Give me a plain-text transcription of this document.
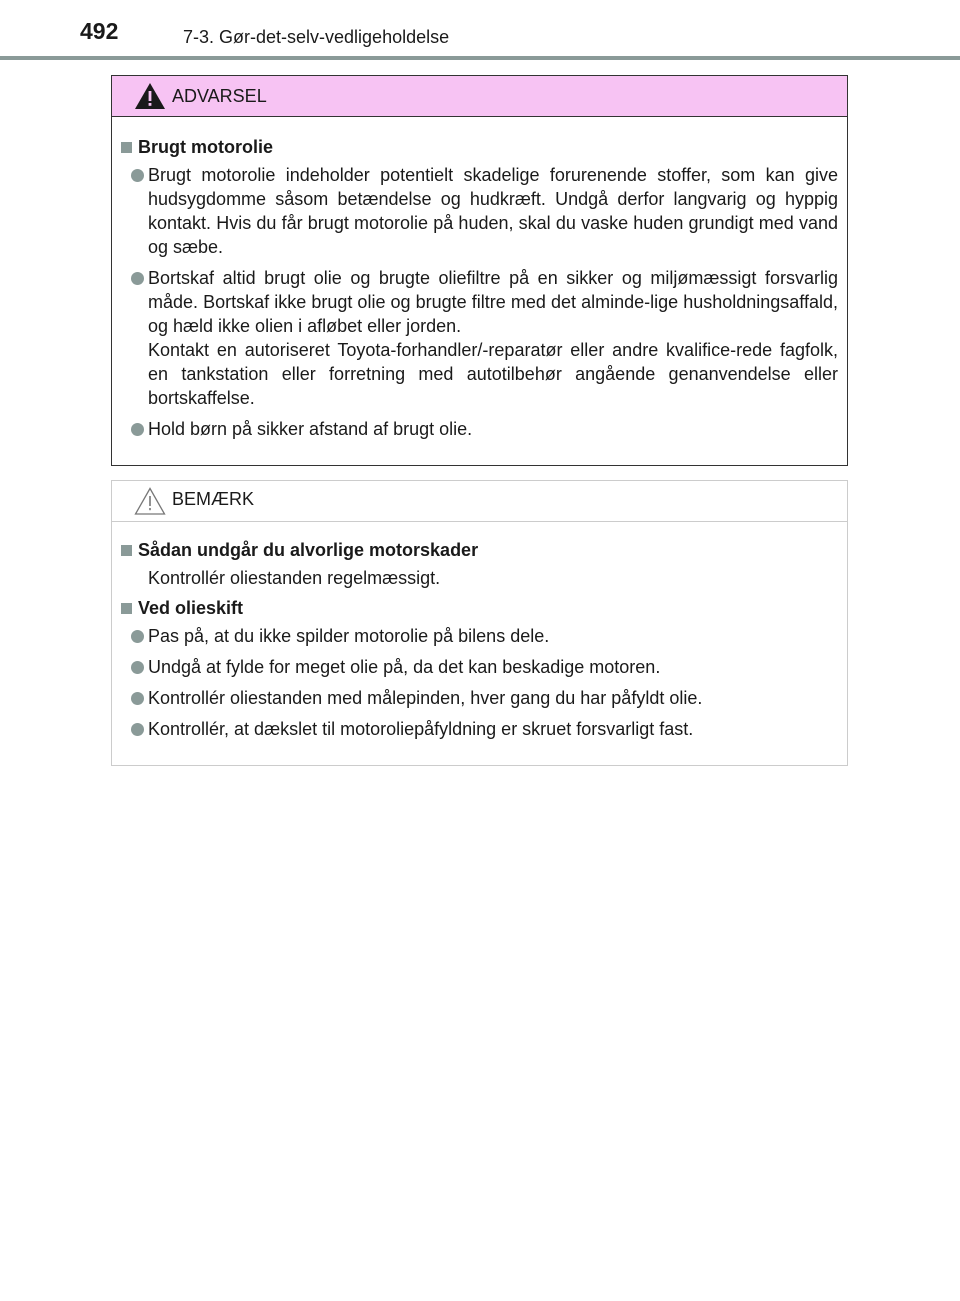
492	7-3. Gør-det-selv-vedligeholdelse
ADVARSEL
Brugt motorolie
Brugt motorolie indeholder potentielt skadelige forurenende stoffer, som kan give hudsygdomme såsom betændelse og hudkræft. Undgå derfor langvarig og hyppig kontakt. Hvis du får brugt motorolie på huden, skal du vaske huden grundigt med vand og sæbe.
Bortskaf altid brugt olie og brugte oliefiltre på en sikker og miljømæssigt forsvarlig måde. Bortskaf ikke brugt olie og brugte filtre med det alminde-lige husholdningsaffald, og hæld ikke olien i afløbet eller jorden.
Kontakt en autoriseret Toyota-forhandler/-reparatør eller andre kvalifice-rede fagfolk, en tankstation eller forretning med autotilbehør angående genanvendelse eller bortskaffelse.
Hold børn på sikker afstand af brugt olie.
BEMÆRK
Sådan undgår du alvorlige motorskader
Kontrollér oliestanden regelmæssigt.
Ved olieskift
Pas på, at du ikke spilder motorolie på bilens dele.
Undgå at fylde for meget olie på, da det kan beskadige motoren.
Kontrollér oliestanden med målepinden, hver gang du har påfyldt olie.
Kontrollér, at dækslet til motoroliepåfyldning er skruet forsvarligt fast.
